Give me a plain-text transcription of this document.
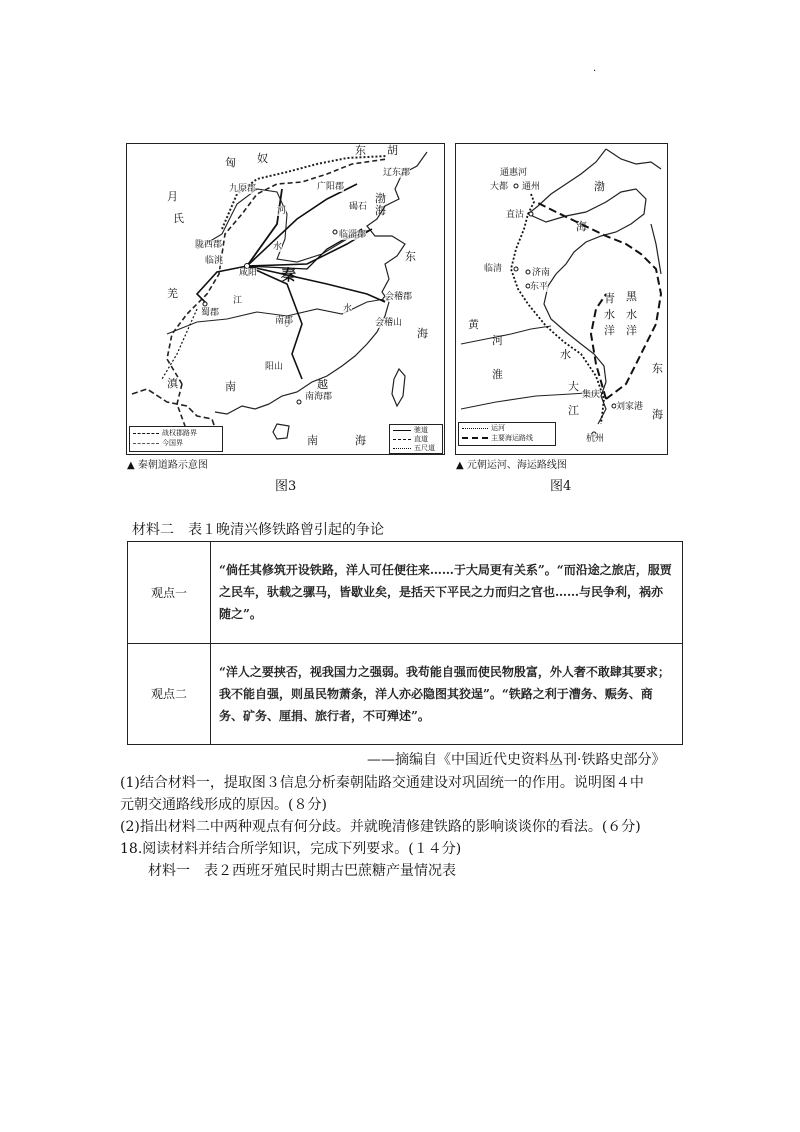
·
匈 奴
东 胡
月
氏
羌
九原郡	广阳郡
碣石
辽东郡
渤
海
陇西郡
临洮
咸阳 秦
临淄郡
东
河
水
蜀郡
江
水
南郡
会稽郡
会稽山
海
滇	南
阳山
越
南海郡
南	海
战权郡路界
今国界
驰道
直道
五尺道
▲ 秦朝道路示意图
图3
通惠河
大都 通州
直沽
渤
海
临清	济南
东平
青 黑
水 水
洋 洋
黄
河
淮
水
东
海
江
大
集庆
刘家港
杭州
运河
主要海运路线
▲ 元朝运河、海运路线图
图4
材料二　表１晚清兴修铁路曾引起的争论
观点一	“倘任其修筑开设铁路，洋人可任便往来……于大局更有关系”。“而沿途之旅店，服贾之民车，驮载之骡马，皆歇业矣，是括天下平民之力而归之官也……与民争利，祸亦随之”。
观点二	“洋人之要挟否，视我国力之强弱。我苟能自强而使民物殷富，外人奢不敢肆其要求；我不能自强，则虽民物萧条，洋人亦必隐图其狡逞”。“铁路之利于漕务、赈务、商务、矿务、厘捐、旅行者，不可殚述”。
——摘编自《中国近代史资料丛刊·铁路史部分》
(1)结合材料一，提取图３信息分析秦朝陆路交通建设对巩固统一的作用。说明图４中
元朝交通路线形成的原因。(８分)
(2)指出材料二中两种观点有何分歧。并就晚清修建铁路的影响谈谈你的看法。(６分)
18.阅读材料并结合所学知识，完成下列要求。(１４分)
材料一　表２西班牙殖民时期古巴蔗糖产量情况表
